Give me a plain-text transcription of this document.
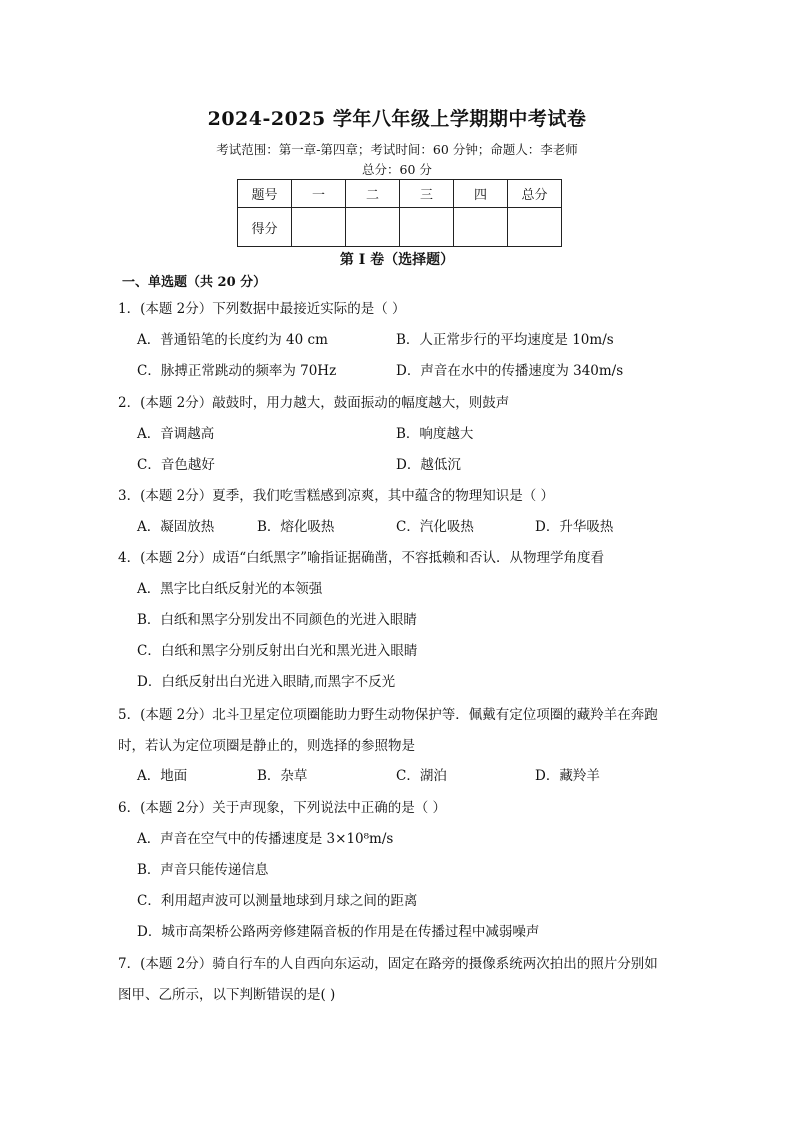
2024-2025 学年八年级上学期期中考试卷
考试范围：第一章-第四章；考试时间：60 分钟；命题人：李老师
总分：60 分
题号	一	二	三	四	总分
得分					
第 I 卷（选择题）
一、单选题（共 20 分）
1．(本题 2分）下列数据中最接近实际的是（ ）
A．普通铅笔的长度约为 40 cm	B．人正常步行的平均速度是 10m/s
C．脉搏正常跳动的频率为 70Hz	D．声音在水中的传播速度为 340m/s
2．(本题 2分）敲鼓时，用力越大，鼓面振动的幅度越大，则鼓声
A．音调越高	B．响度越大
C．音色越好	D．越低沉
3．(本题 2分）夏季，我们吃雪糕感到凉爽，其中蕴含的物理知识是（ ）
A．凝固放热	B．熔化吸热	C．汽化吸热	D．升华吸热
4．(本题 2分）成语“白纸黑字”喻指证据确凿，不容抵赖和否认．从物理学角度看
A．黑字比白纸反射光的本领强
B．白纸和黑字分别发出不同颜色的光进入眼睛
C．白纸和黑字分别反射出白光和黑光进入眼睛
D．白纸反射出白光进入眼睛,而黑字不反光
5．(本题 2分）北斗卫星定位项圈能助力野生动物保护等．佩戴有定位项圈的藏羚羊在奔跑
时，若认为定位项圈是静止的，则选择的参照物是
A．地面	B．杂草	C．湖泊	D．藏羚羊
6．(本题 2分）关于声现象，下列说法中正确的是（ ）
A．声音在空气中的传播速度是 3×10⁸m/s
B．声音只能传递信息
C．利用超声波可以测量地球到月球之间的距离
D．城市高架桥公路两旁修建隔音板的作用是在传播过程中减弱噪声
7．(本题 2分）骑自行车的人自西向东运动，固定在路旁的摄像系统两次拍出的照片分别如
图甲、乙所示，以下判断错误的是( )
